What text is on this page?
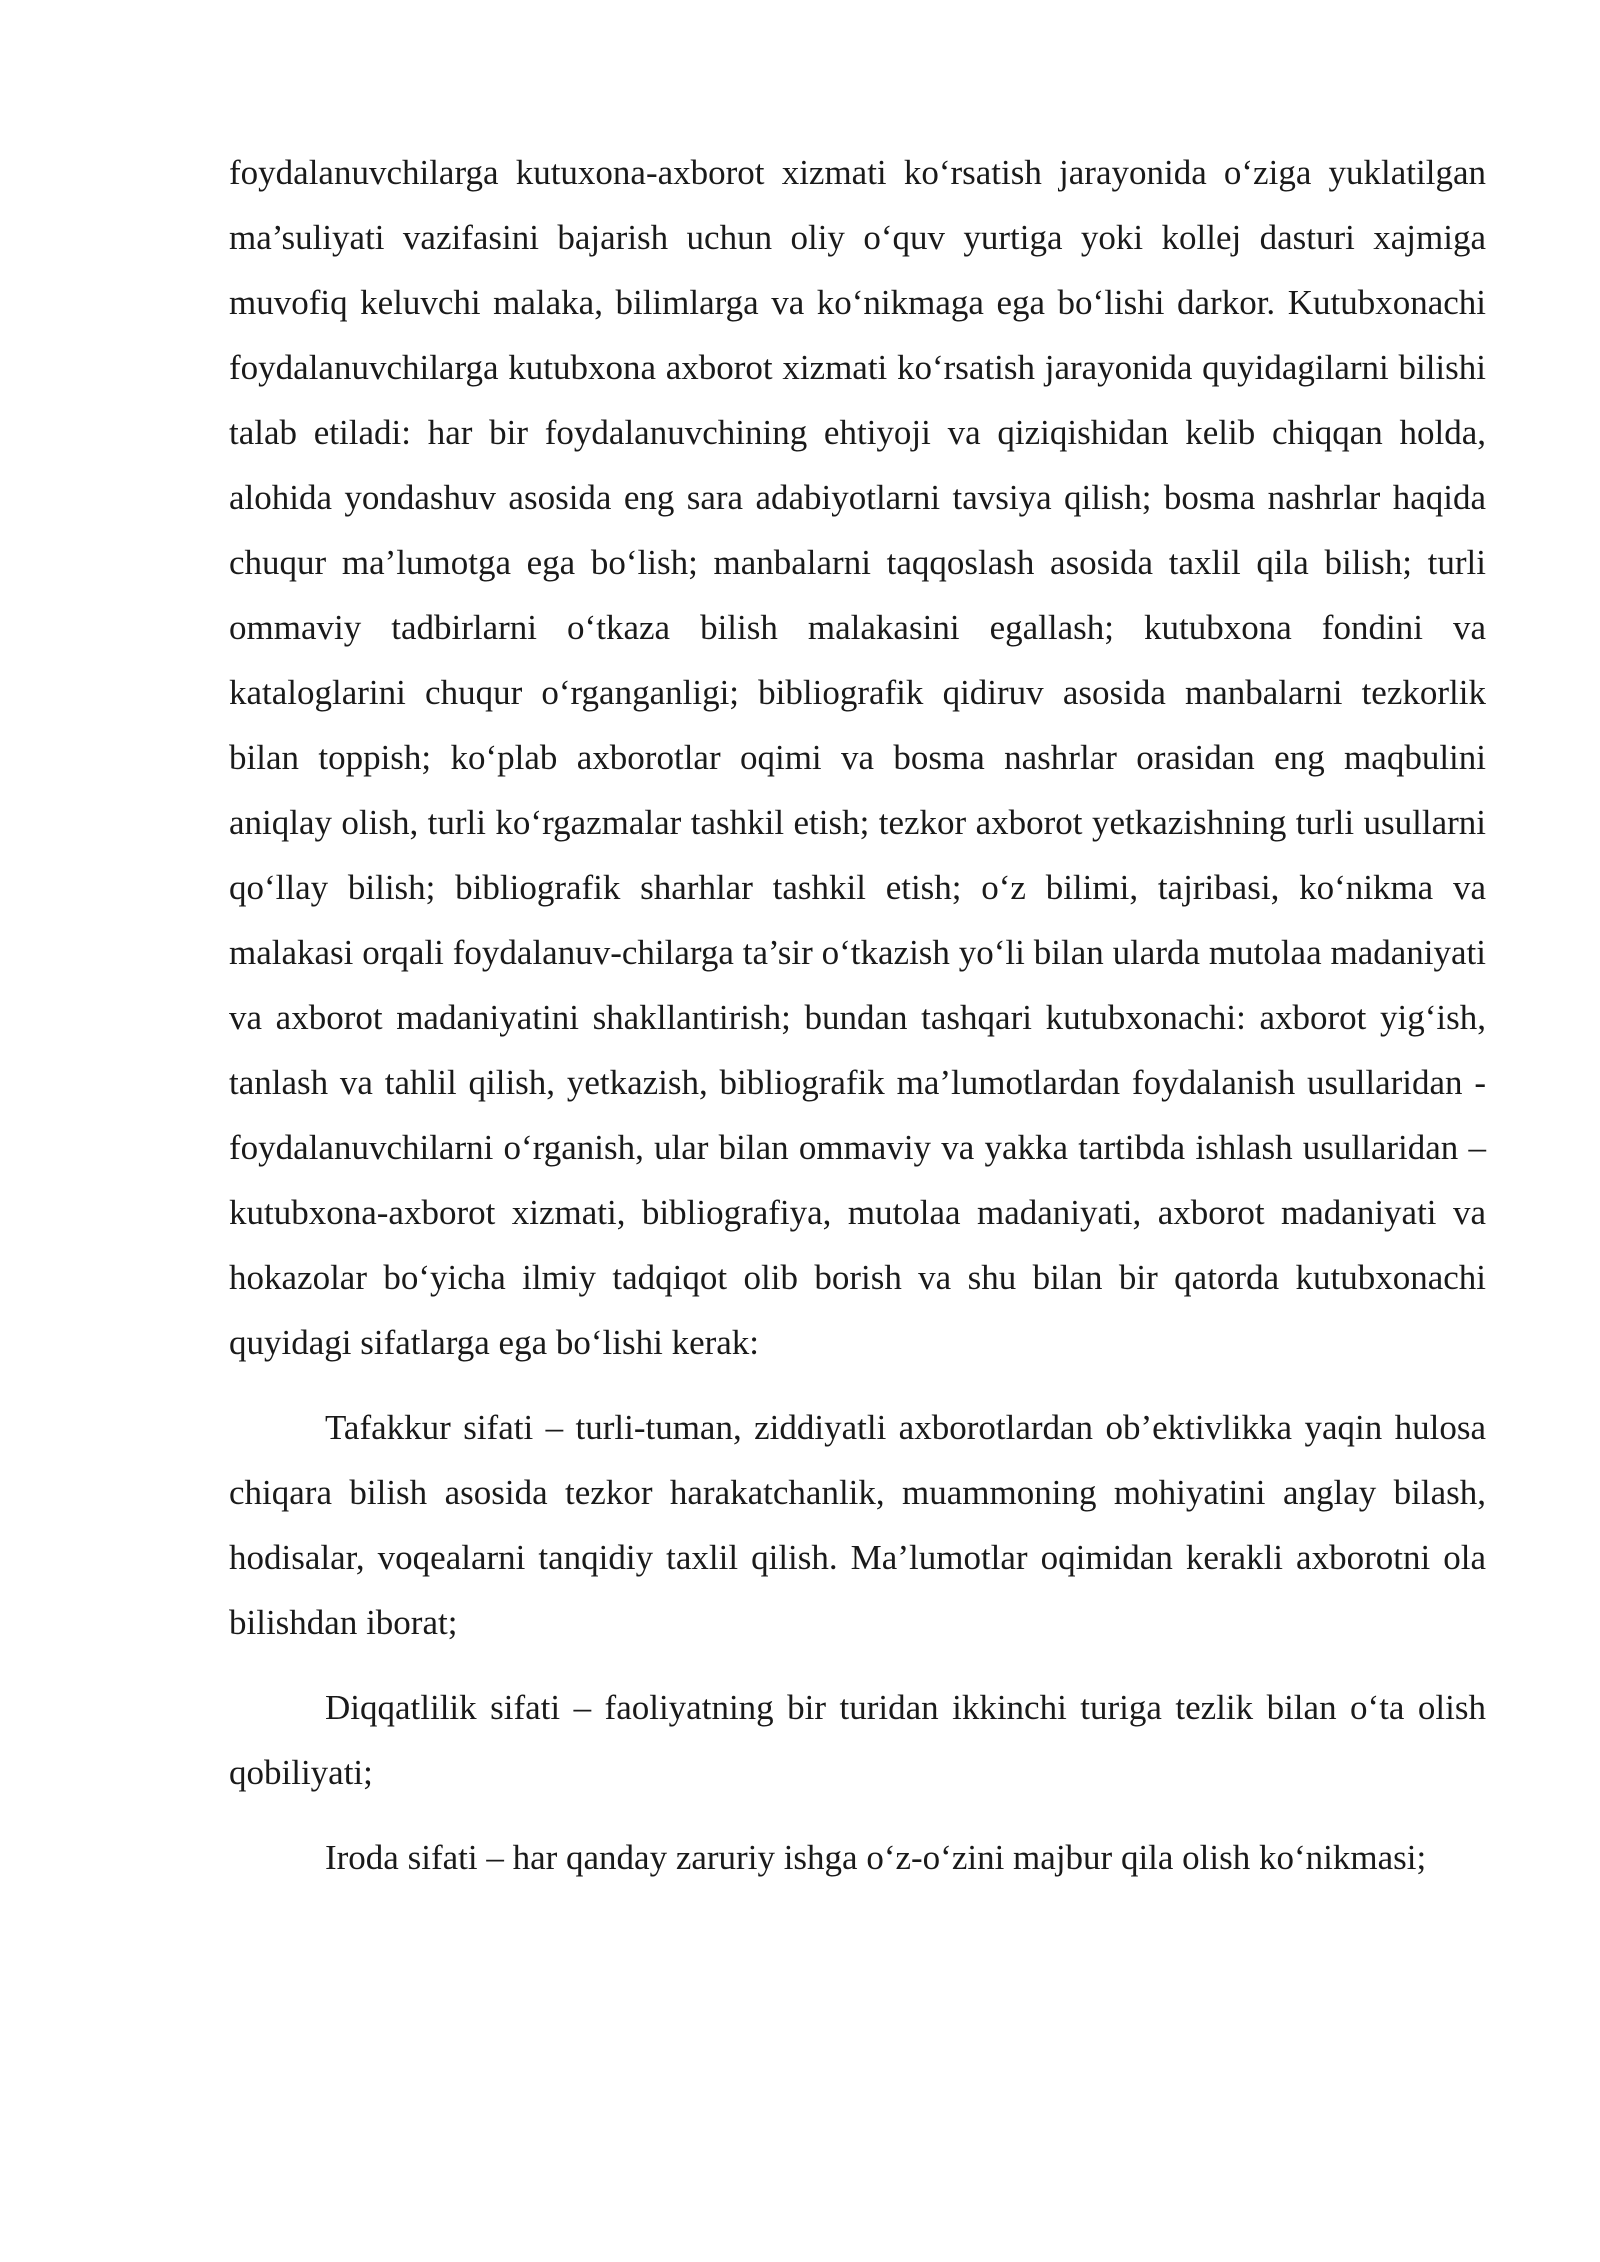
foydalanuvchilarga kutuxona-axborot xizmati ko‘rsatish jarayonida o‘ziga yuklatilgan ma’suliyati vazifasini bajarish uchun oliy o‘quv yurtiga yoki kollej dasturi xajmiga muvofiq keluvchi malaka, bilimlarga va ko‘nikmaga ega bo‘lishi darkor. Kutubxonachi foydalanuvchilarga kutubxona axborot xizmati ko‘rsatish jarayonida quyidagilarni bilishi talab etiladi: har bir foydalanuvchining ehtiyoji va qiziqishidan kelib chiqqan holda, alohida yondashuv asosida eng sara adabiyotlarni tavsiya qilish; bosma nashrlar haqida chuqur ma’lumotga ega bo‘lish; manbalarni taqqoslash asosida taxlil qila bilish; turli ommaviy tadbirlarni o‘tkaza bilish malakasini egallash; kutubxona fondini va kataloglarini chuqur o‘rganganligi; bibliografik qidiruv asosida manbalarni tezkorlik bilan toppish; ko‘plab axborotlar oqimi va bosma nashrlar orasidan eng maqbulini aniqlay olish, turli ko‘rgazmalar tashkil etish; tezkor axborot yetkazishning turli usullarni qo‘llay bilish; bibliografik sharhlar tashkil etish; o‘z bilimi, tajribasi, ko‘nikma va malakasi orqali foydalanuv-chilarga ta’sir o‘tkazish yo‘li bilan ularda mutolaa madaniyati va axborot madaniyatini shakllantirish; bundan tashqari kutubxonachi: axborot yig‘ish, tanlash va tahlil qilish, yetkazish, bibliografik ma’lumotlardan foydalanish usullaridan -foydalanuvchilarni o‘rganish, ular bilan ommaviy va yakka tartibda ishlash usullaridan – kutubxona-axborot xizmati, bibliografiya, mutolaa madaniyati, axborot madaniyati va hokazolar bo‘yicha ilmiy tadqiqot olib borish va shu bilan bir qatorda kutubxonachi quyidagi sifatlarga ega bo‘lishi kerak:

Tafakkur sifati – turli-tuman, ziddiyatli axborotlardan ob’ektivlikka yaqin hulosa chiqara bilish asosida tezkor harakatchanlik, muammoning mohiyatini anglay bilash, hodisalar, voqealarni tanqidiy taxlil qilish. Ma’lumotlar oqimidan kerakli axborotni ola bilishdan iborat;

Diqqatlilik sifati – faoliyatning bir turidan ikkinchi turiga tezlik bilan o‘ta olish qobiliyati;

Iroda sifati – har qanday zaruriy ishga o‘z-o‘zini majbur qila olish ko‘nikmasi;
